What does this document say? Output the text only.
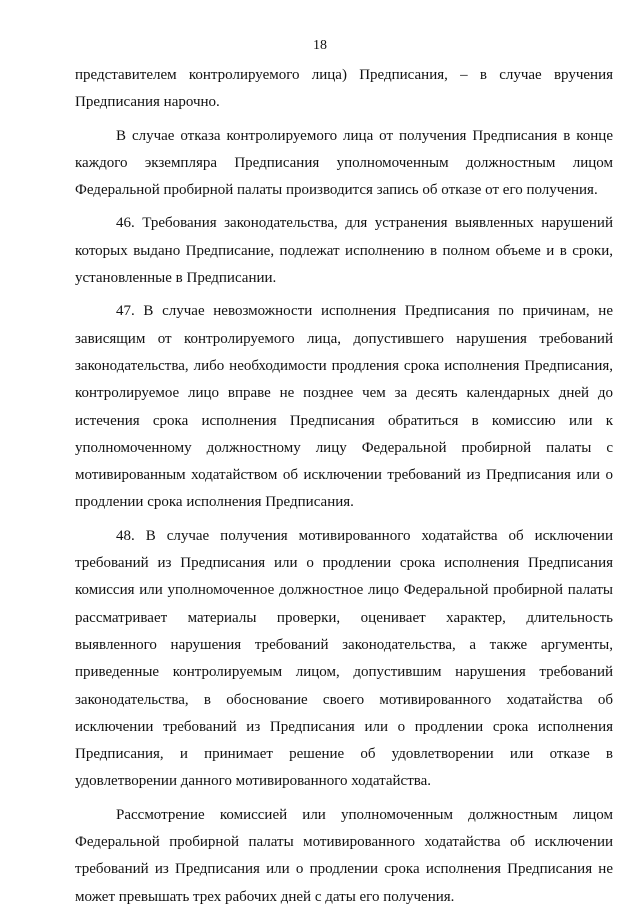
18

представителем контролируемого лица) Предписания, – в случае вручения Предписания нарочно.

В случае отказа контролируемого лица от получения Предписания в конце каждого экземпляра Предписания уполномоченным должностным лицом Федеральной пробирной палаты производится запись об отказе от его получения.

46. Требования законодательства, для устранения выявленных нарушений которых выдано Предписание, подлежат исполнению в полном объеме и в сроки, установленные в Предписании.

47. В случае невозможности исполнения Предписания по причинам, не зависящим от контролируемого лица, допустившего нарушения требований законодательства, либо необходимости продления срока исполнения Предписания, контролируемое лицо вправе не позднее чем за десять календарных дней до истечения срока исполнения Предписания обратиться в комиссию или к уполномоченному должностному лицу Федеральной пробирной палаты с мотивированным ходатайством об исключении требований из Предписания или о продлении срока исполнения Предписания.

48. В случае получения мотивированного ходатайства об исключении требований из Предписания или о продлении срока исполнения Предписания комиссия или уполномоченное должностное лицо Федеральной пробирной палаты рассматривает материалы проверки, оценивает характер, длительность выявленного нарушения требований законодательства, а также аргументы, приведенные контролируемым лицом, допустившим нарушения требований законодательства, в обоснование своего мотивированного ходатайства об исключении требований из Предписания или о продлении срока исполнения Предписания, и принимает решение об удовлетворении или отказе в удовлетворении данного мотивированного ходатайства.

Рассмотрение комиссией или уполномоченным должностным лицом Федеральной пробирной палаты мотивированного ходатайства об исключении требований из Предписания или о продлении срока исполнения Предписания не может превышать трех рабочих дней с даты его получения.
